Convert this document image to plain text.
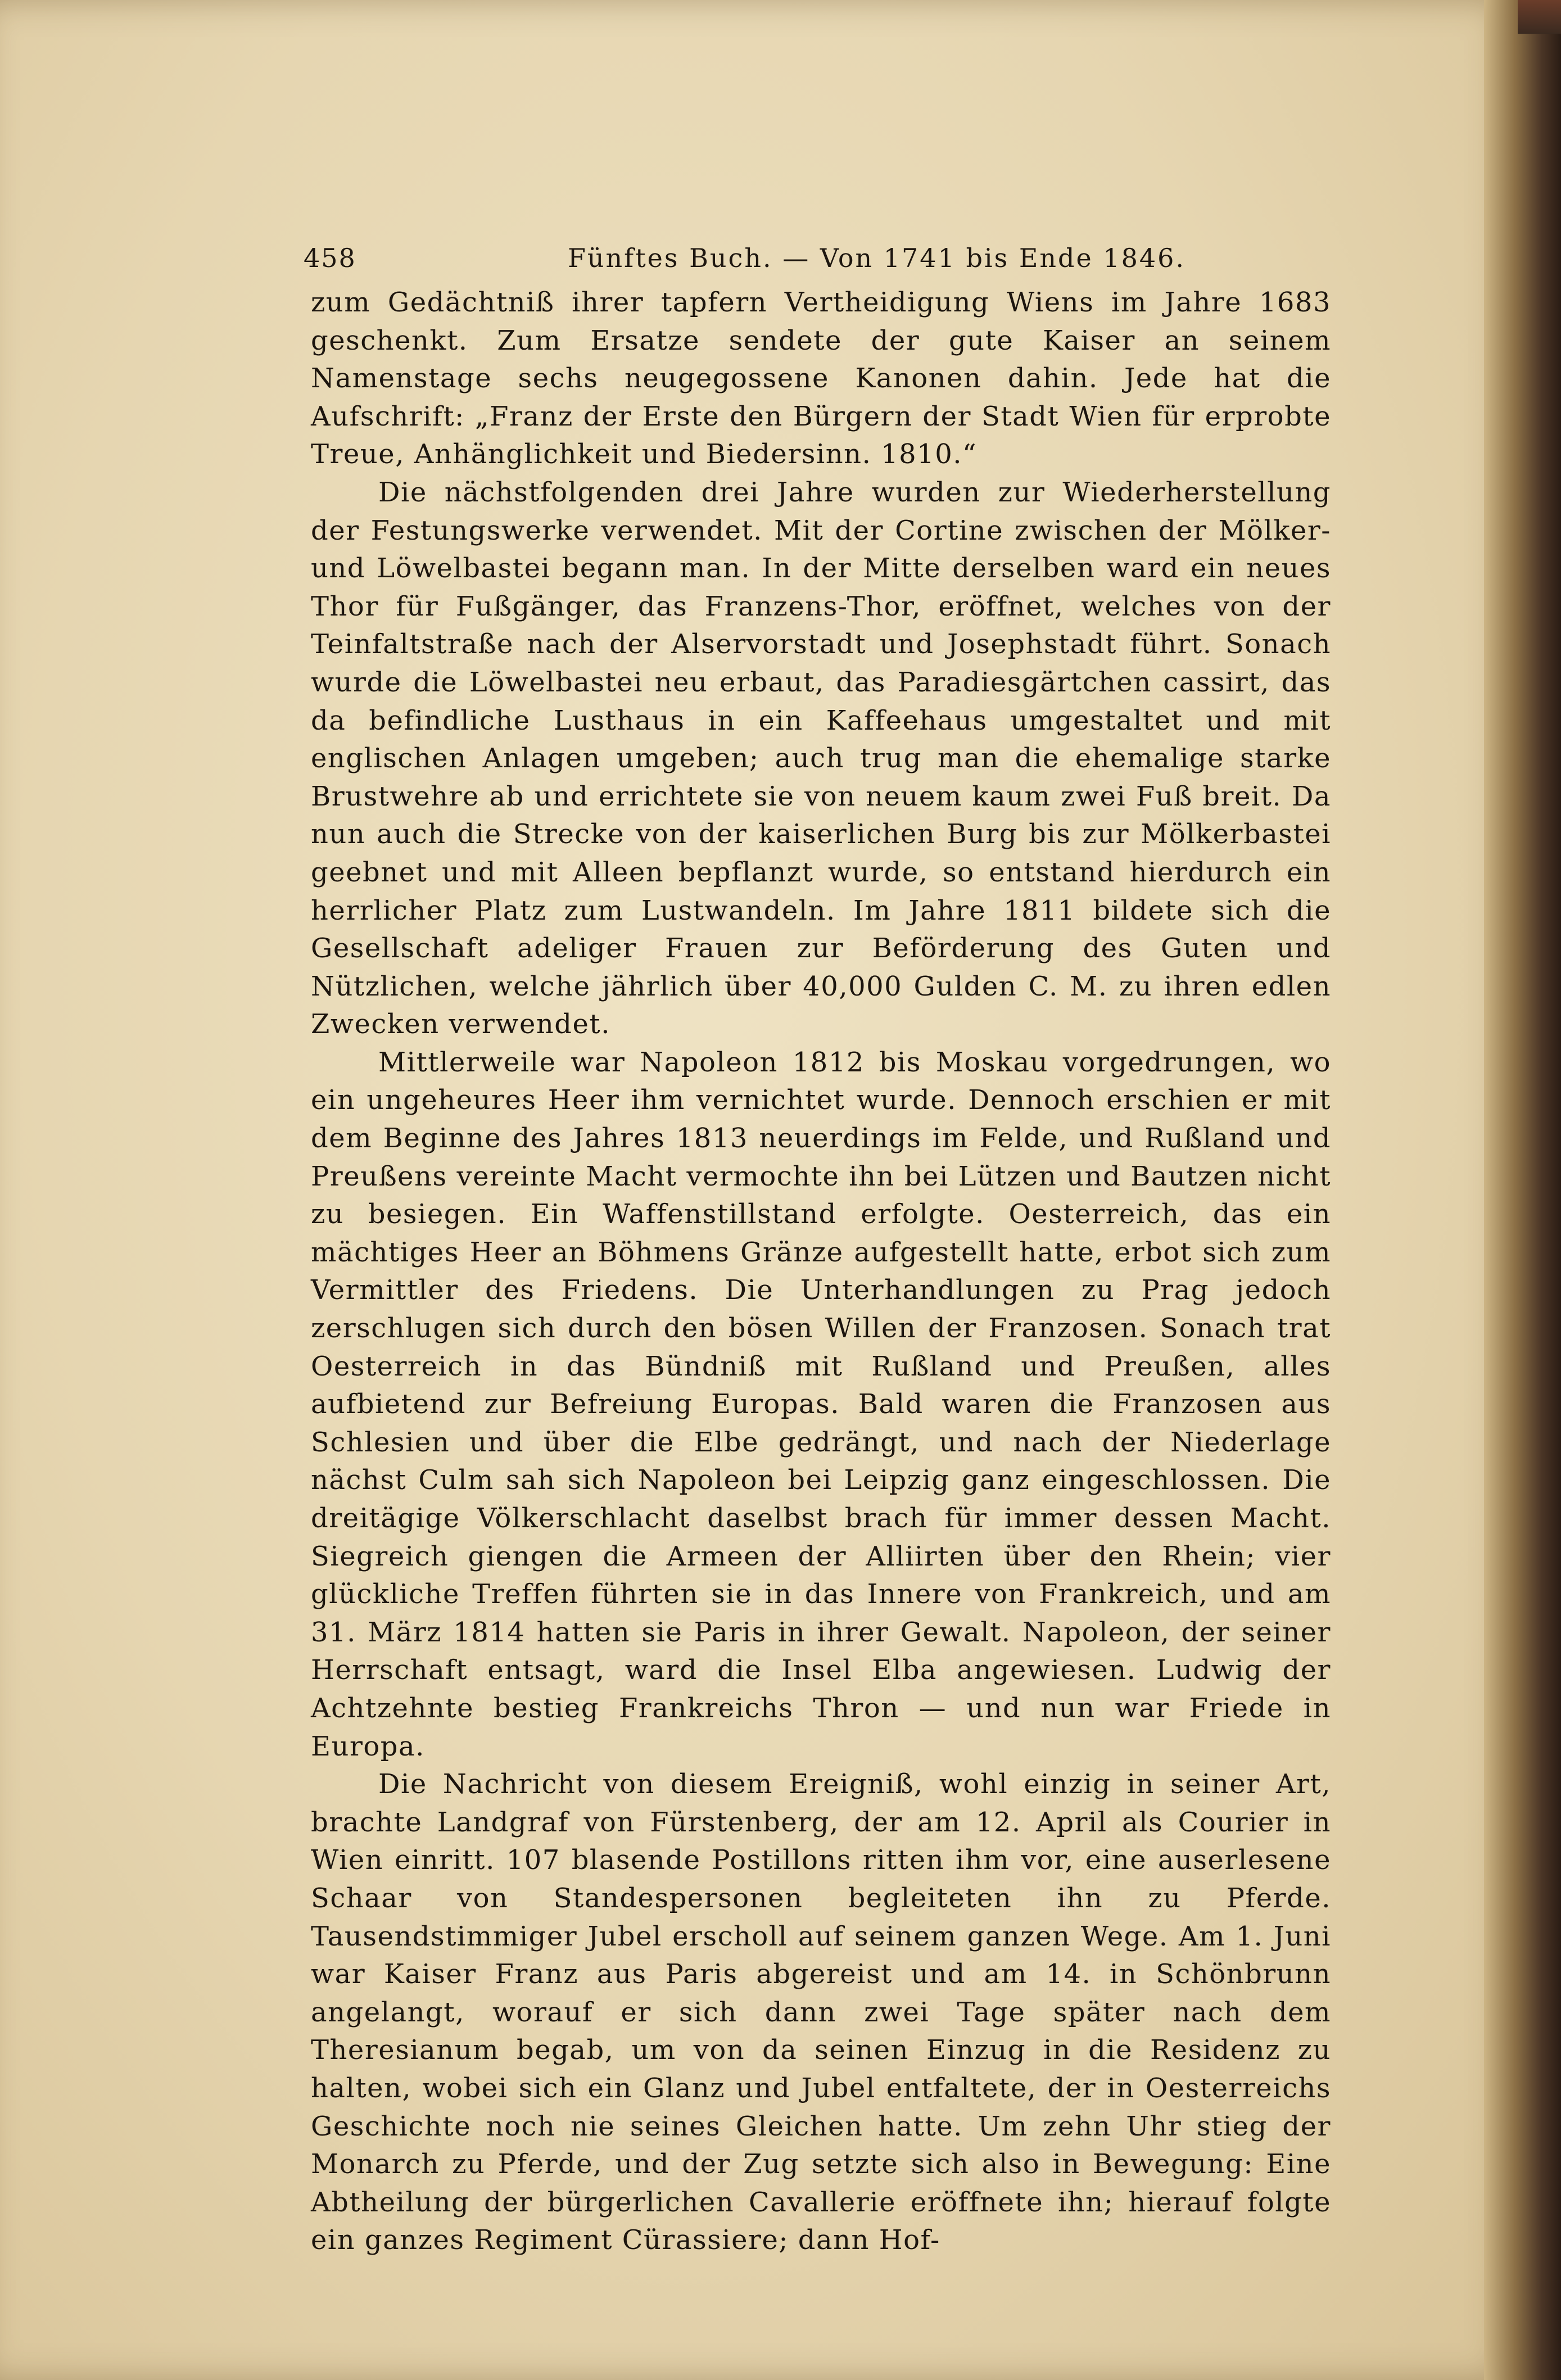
458	Fünftes Buch. — Von 1741 bis Ende 1846.

zum Gedächtniß ihrer tapfern Vertheidigung Wiens im Jahre 1683 geschenkt. Zum Ersatze sendete der gute Kaiser an seinem Namenstage sechs neugegossene Kanonen dahin. Jede hat die Aufschrift: „Franz der Erste den Bürgern der Stadt Wien für erprobte Treue, Anhänglichkeit und Biedersinn. 1810.“

Die nächstfolgenden drei Jahre wurden zur Wiederherstellung der Festungswerke verwendet. Mit der Cortine zwischen der Mölker- und Löwelbastei begann man. In der Mitte derselben ward ein neues Thor für Fußgänger, das Franzens-Thor, eröffnet, welches von der Teinfaltstraße nach der Alservorstadt und Josephstadt führt. Sonach wurde die Löwelbastei neu erbaut, das Paradiesgärtchen cassirt, das da befindliche Lusthaus in ein Kaffeehaus umgestaltet und mit englischen Anlagen umgeben; auch trug man die ehemalige starke Brustwehre ab und errichtete sie von neuem kaum zwei Fuß breit. Da nun auch die Strecke von der kaiserlichen Burg bis zur Mölkerbastei geebnet und mit Alleen bepflanzt wurde, so entstand hierdurch ein herrlicher Platz zum Lustwandeln. Im Jahre 1811 bildete sich die Gesellschaft adeliger Frauen zur Beförderung des Guten und Nützlichen, welche jährlich über 40,000 Gulden C. M. zu ihren edlen Zwecken verwendet.

Mittlerweile war Napoleon 1812 bis Moskau vorgedrungen, wo ein ungeheures Heer ihm vernichtet wurde. Dennoch erschien er mit dem Beginne des Jahres 1813 neuerdings im Felde, und Rußland und Preußens vereinte Macht vermochte ihn bei Lützen und Bautzen nicht zu besiegen. Ein Waffenstillstand erfolgte. Oesterreich, das ein mächtiges Heer an Böhmens Gränze aufgestellt hatte, erbot sich zum Vermittler des Friedens. Die Unterhandlungen zu Prag jedoch zerschlugen sich durch den bösen Willen der Franzosen. Sonach trat Oesterreich in das Bündniß mit Rußland und Preußen, alles aufbietend zur Befreiung Europas. Bald waren die Franzosen aus Schlesien und über die Elbe gedrängt, und nach der Niederlage nächst Culm sah sich Napoleon bei Leipzig ganz eingeschlossen. Die dreitägige Völkerschlacht daselbst brach für immer dessen Macht. Siegreich giengen die Armeen der Alliirten über den Rhein; vier glückliche Treffen führten sie in das Innere von Frankreich, und am 31. März 1814 hatten sie Paris in ihrer Gewalt. Napoleon, der seiner Herrschaft entsagt, ward die Insel Elba angewiesen. Ludwig der Achtzehnte bestieg Frankreichs Thron — und nun war Friede in Europa.

Die Nachricht von diesem Ereigniß, wohl einzig in seiner Art, brachte Landgraf von Fürstenberg, der am 12. April als Courier in Wien einritt. 107 blasende Postillons ritten ihm vor, eine auserlesene Schaar von Standespersonen begleiteten ihn zu Pferde. Tausendstimmiger Jubel erscholl auf seinem ganzen Wege. Am 1. Juni war Kaiser Franz aus Paris abgereist und am 14. in Schönbrunn angelangt, worauf er sich dann zwei Tage später nach dem Theresianum begab, um von da seinen Einzug in die Residenz zu halten, wobei sich ein Glanz und Jubel entfaltete, der in Oesterreichs Geschichte noch nie seines Gleichen hatte. Um zehn Uhr stieg der Monarch zu Pferde, und der Zug setzte sich also in Bewegung: Eine Abtheilung der bürgerlichen Cavallerie eröffnete ihn; hierauf folgte ein ganzes Regiment Cürassiere; dann Hof-
